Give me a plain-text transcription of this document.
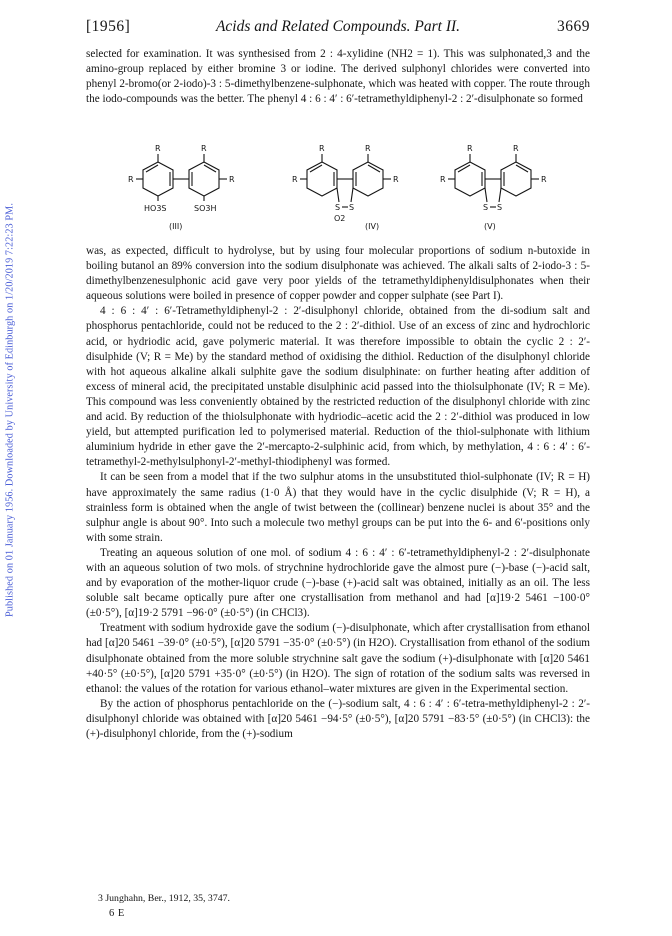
Published on 01 January 1956. Downloaded by University of Edinburgh on 1/20/2019 7:22:23 PM.
[1956]	Acids and Related Compounds. Part II.	3669

selected for examination. It was synthesised from 2 : 4-xylidine (NH2 = 1). This was sulphonated,3 and the amino-group replaced by either bromine 3 or iodine. The derived sulphonyl chlorides were converted into phenyl 2-bromo(or 2-iodo)-3 : 5-dimethylbenzene-sulphonate, which was heated with copper. The route through the iodo-compounds was the better. The phenyl 4 : 6 : 4′ : 6′-tetramethyldiphenyl-2 : 2′-disulphonate so formed

R	R
R	R
HO3S	SO3H
(III)
R	R
R	R
S S
O2
(IV)
R	R
R	R
S S
(V)

was, as expected, difficult to hydrolyse, but by using four molecular proportions of sodium n-butoxide in boiling butanol an 89% conversion into the sodium disulphonate was achieved. The alkali salts of 2-iodo-3 : 5-dimethylbenzenesulphonic acid gave very poor yields of the tetramethyldiphenyldisulphonates when their aqueous solutions were boiled in presence of copper powder and copper sulphate (see Part I).

4 : 6 : 4′ : 6′-Tetramethyldiphenyl-2 : 2′-disulphonyl chloride, obtained from the di-sodium salt and phosphorus pentachloride, could not be reduced to the 2 : 2′-dithiol. Use of an excess of zinc and hydrochloric acid, or hydriodic acid, gave polymeric material. It was therefore impossible to obtain the cyclic 2 : 2′-disulphide (V; R = Me) by the standard method of oxidising the dithiol. Reduction of the disulphonyl chloride with hot aqueous alkaline alkali sulphite gave the sodium disulphinate: on further heating after addition of excess of mineral acid, the precipitated unstable disulphinic acid passed into the thiolsulphonate (IV; R = Me). This compound was less conveniently obtained by the restricted reduction of the disulphonyl chloride with zinc and acid. By reduction of the thiolsulphonate with hydriodic–acetic acid the 2 : 2′-dithiol was produced in low yield, but attempted purification led to polymerised material. Reduction of the thiol-sulphonate with lithium aluminium hydride in ether gave the 2′-mercapto-2-sulphinic acid, from which, by methylation, 4 : 6 : 4′ : 6′-tetramethyl-2-methylsulphonyl-2′-methyl-thiodiphenyl was formed.

It can be seen from a model that if the two sulphur atoms in the unsubstituted thiol-sulphonate (IV; R = H) have approximately the same radius (1·0 Å) that they would have in the cyclic disulphide (V; R = H), a strainless form is obtained when the angle of twist between the (collinear) benzene nuclei is about 35° and the sulphur angle is about 90°. Into such a molecule two methyl groups can be put into the 6- and 6′-positions only with some strain.

Treating an aqueous solution of one mol. of sodium 4 : 6 : 4′ : 6′-tetramethyldiphenyl-2 : 2′-disulphonate with an aqueous solution of two mols. of strychnine hydrochloride gave the almost pure (−)-base (−)-acid salt, and by evaporation of the mother-liquor crude (−)-base (+)-acid salt was obtained, initially as an oil. The less soluble salt became optically pure after one crystallisation from methanol and had [α]19·2 5461 −100·0° (±0·5°), [α]19·2 5791 −96·0° (±0·5°) (in CHCl3).

Treatment with sodium hydroxide gave the sodium (−)-disulphonate, which after crystallisation from ethanol had [α]20 5461 −39·0° (±0·5°), [α]20 5791 −35·0° (±0·5°) (in H2O). Crystallisation from ethanol of the sodium disulphonate obtained from the more soluble strychnine salt gave the sodium (+)-disulphonate with [α]20 5461 +40·5° (±0·5°), [α]20 5791 +35·0° (±0·5°) (in H2O). The sign of rotation of the sodium salts was reversed in ethanol: the values of the rotation for various ethanol–water mixtures are given in the Experimental section.

By the action of phosphorus pentachloride on the (−)-sodium salt, 4 : 6 : 4′ : 6′-tetra-methyldiphenyl-2 : 2′-disulphonyl chloride was obtained with [α]20 5461 −94·5° (±0·5°), [α]20 5791 −83·5° (±0·5°) (in CHCl3): the (+)-disulphonyl chloride, from the (+)-sodium

3 Junghahn, Ber., 1912, 35, 3747.
6 E
